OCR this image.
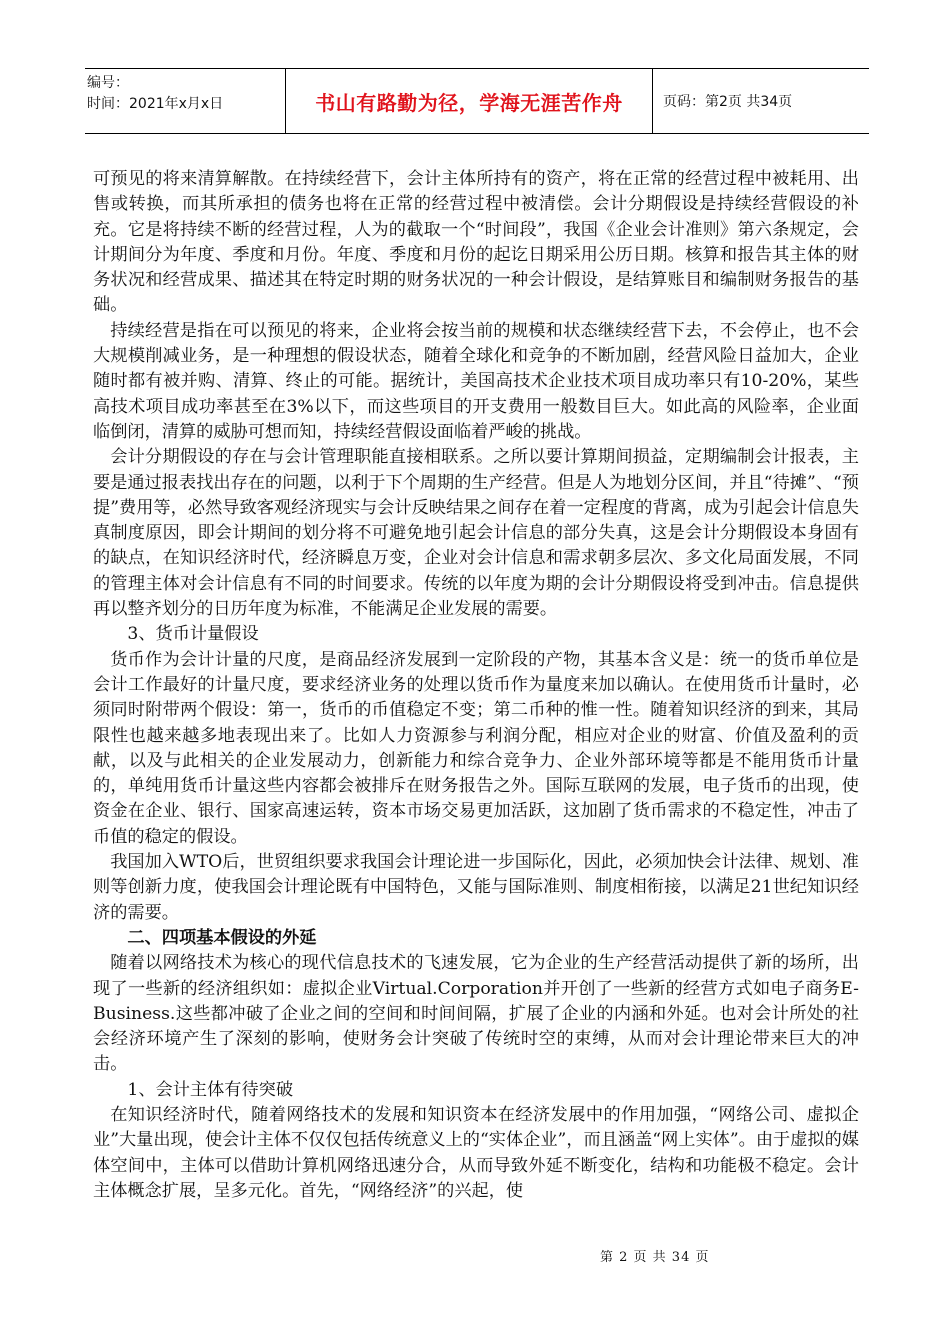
编号：
时间：2021年x月x日	书山有路勤为径，学海无涯苦作舟	页码：第2页 共34页

可预见的将来清算解散。在持续经营下，会计主体所持有的资产，将在正常的经营过程中被耗用、出售或转换，而其所承担的债务也将在正常的经营过程中被清偿。会计分期假设是持续经营假设的补充。它是将持续不断的经营过程，人为的截取一个“时间段”，我国《企业会计准则》第六条规定，会计期间分为年度、季度和月份。年度、季度和月份的起讫日期采用公历日期。核算和报告其主体的财务状况和经营成果、描述其在特定时期的财务状况的一种会计假设，是结算账目和编制财务报告的基础。

持续经营是指在可以预见的将来，企业将会按当前的规模和状态继续经营下去，不会停止，也不会大规模削减业务，是一种理想的假设状态，随着全球化和竞争的不断加剧，经营风险日益加大，企业随时都有被并购、清算、终止的可能。据统计，美国高技术企业技术项目成功率只有10-20%，某些高技术项目成功率甚至在3%以下，而这些项目的开支费用一般数目巨大。如此高的风险率，企业面临倒闭，清算的威胁可想而知，持续经营假设面临着严峻的挑战。

会计分期假设的存在与会计管理职能直接相联系。之所以要计算期间损益，定期编制会计报表，主要是通过报表找出存在的问题，以利于下个周期的生产经营。但是人为地划分区间，并且“待摊”、“预提”费用等，必然导致客观经济现实与会计反映结果之间存在着一定程度的背离，成为引起会计信息失真制度原因，即会计期间的划分将不可避免地引起会计信息的部分失真，这是会计分期假设本身固有的缺点，在知识经济时代，经济瞬息万变，企业对会计信息和需求朝多层次、多文化局面发展，不同的管理主体对会计信息有不同的时间要求。传统的以年度为期的会计分期假设将受到冲击。信息提供再以整齐划分的日历年度为标准，不能满足企业发展的需要。

3、货币计量假设

货币作为会计计量的尺度，是商品经济发展到一定阶段的产物，其基本含义是：统一的货币单位是会计工作最好的计量尺度，要求经济业务的处理以货币作为量度来加以确认。在使用货币计量时，必须同时附带两个假设：第一，货币的币值稳定不变；第二币种的惟一性。随着知识经济的到来，其局限性也越来越多地表现出来了。比如人力资源参与利润分配，相应对企业的财富、价值及盈利的贡献，以及与此相关的企业发展动力，创新能力和综合竞争力、企业外部环境等都是不能用货币计量的，单纯用货币计量这些内容都会被排斥在财务报告之外。国际互联网的发展，电子货币的出现，使资金在企业、银行、国家高速运转，资本市场交易更加活跃，这加剧了货币需求的不稳定性，冲击了币值的稳定的假设。

我国加入WTO后，世贸组织要求我国会计理论进一步国际化，因此，必须加快会计法律、规划、准则等创新力度，使我国会计理论既有中国特色，又能与国际准则、制度相衔接，以满足21世纪知识经济的需要。

二、四项基本假设的外延

随着以网络技术为核心的现代信息技术的飞速发展，它为企业的生产经营活动提供了新的场所，出现了一些新的经济组织如：虚拟企业Virtual.Corporation并开创了一些新的经营方式如电子商务E-Business.这些都冲破了企业之间的空间和时间间隔，扩展了企业的内涵和外延。也对会计所处的社会经济环境产生了深刻的影响，使财务会计突破了传统时空的束缚，从而对会计理论带来巨大的冲击。

1、会计主体有待突破

在知识经济时代，随着网络技术的发展和知识资本在经济发展中的作用加强，“网络公司、虚拟企业”大量出现，使会计主体不仅仅包括传统意义上的“实体企业”，而且涵盖“网上实体”。由于虚拟的媒体空间中，主体可以借助计算机网络迅速分合，从而导致外延不断变化，结构和功能极不稳定。会计主体概念扩展，呈多元化。首先，“网络经济”的兴起，使

第 2 页 共 34 页
